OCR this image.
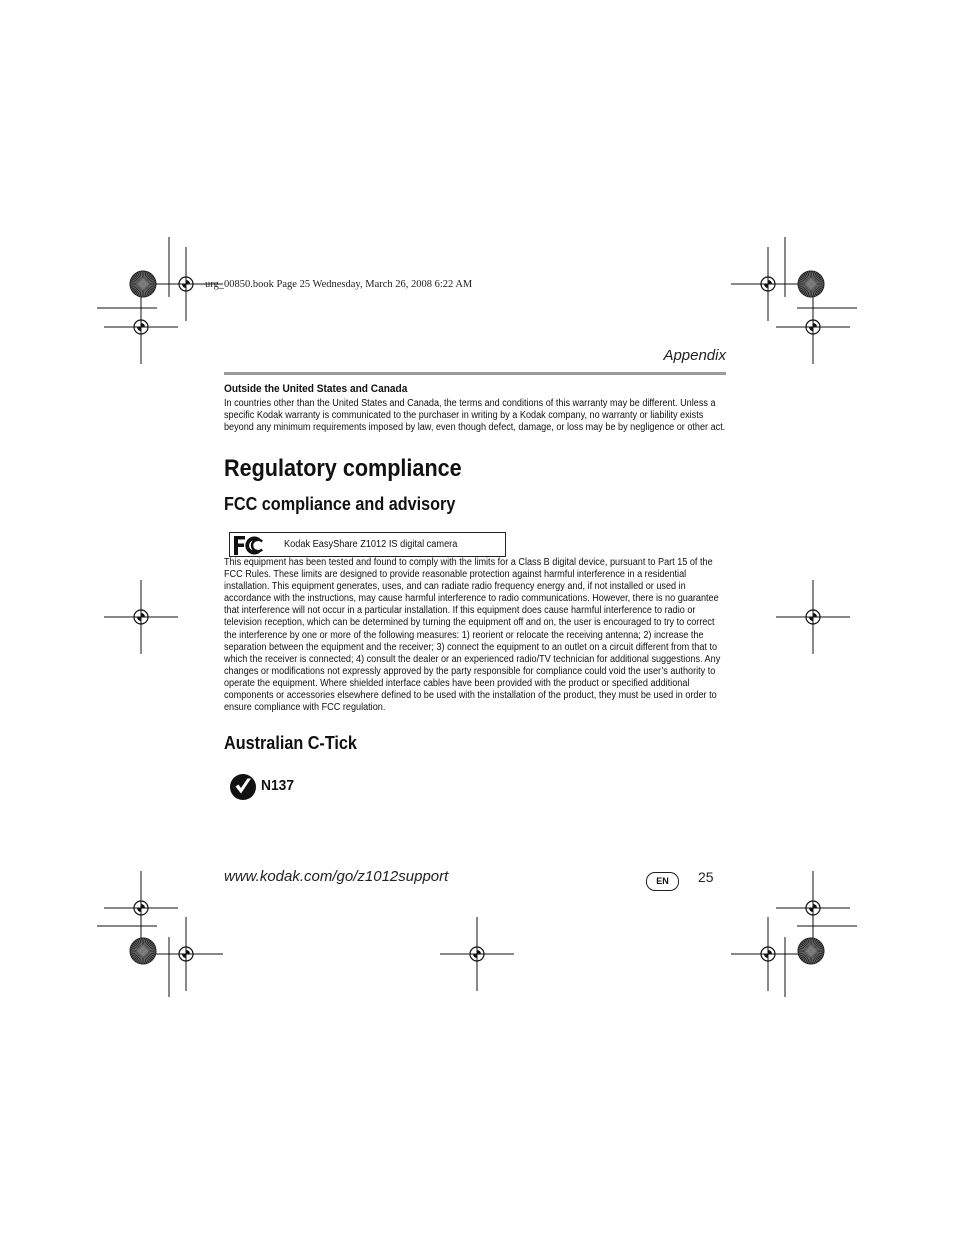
urg_00850.book Page 25 Wednesday, March 26, 2008 6:22 AM
Appendix
Outside the United States and Canada
In countries other than the United States and Canada, the terms and conditions of this warranty may be different. Unless a specific Kodak warranty is communicated to the purchaser in writing by a Kodak company, no warranty or liability exists beyond any minimum requirements imposed by law, even though defect, damage, or loss may be by negligence or other act.
Regulatory compliance
FCC compliance and advisory
Kodak EasyShare Z1012 IS digital camera
This equipment has been tested and found to comply with the limits for a Class B digital device, pursuant to Part 15 of the FCC Rules. These limits are designed to provide reasonable protection against harmful interference in a residential installation. This equipment generates, uses, and can radiate radio frequency energy and, if not installed or used in accordance with the instructions, may cause harmful interference to radio communications. However, there is no guarantee that interference will not occur in a particular installation. If this equipment does cause harmful interference to radio or television reception, which can be determined by turning the equipment off and on, the user is encouraged to try to correct the interference by one or more of the following measures: 1) reorient or relocate the receiving antenna; 2) increase the separation between the equipment and the receiver; 3) connect the equipment to an outlet on a circuit different from that to which the receiver is connected; 4) consult the dealer or an experienced radio/TV technician for additional suggestions. Any changes or modifications not expressly approved by the party responsible for compliance could void the user’s authority to operate the equipment. Where shielded interface cables have been provided with the product or specified additional components or accessories elsewhere defined to be used with the installation of the product, they must be used in order to ensure compliance with FCC regulation.
Australian C-Tick
N137
www.kodak.com/go/z1012support	EN	25
